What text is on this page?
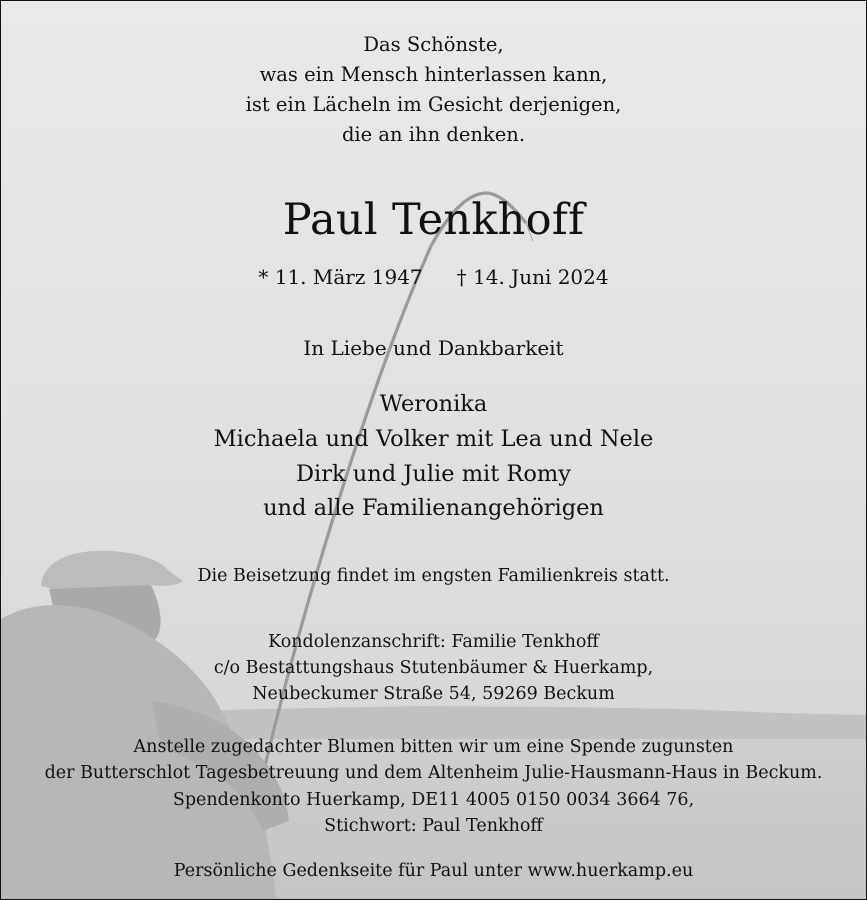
Das Schönste,
was ein Mensch hinterlassen kann,
ist ein Lächeln im Gesicht derjenigen,
die an ihn denken.
Paul Tenkhoff
* 11. März 1947 † 14. Juni 2024
In Liebe und Dankbarkeit
Weronika
Michaela und Volker mit Lea und Nele
Dirk und Julie mit Romy
und alle Familienangehörigen
Die Beisetzung findet im engsten Familienkreis statt.
Kondolenzanschrift: Familie Tenkhoff
c/o Bestattungshaus Stutenbäumer & Huerkamp,
Neubeckumer Straße 54, 59269 Beckum
Anstelle zugedachter Blumen bitten wir um eine Spende zugunsten
der Butterschlot Tagesbetreuung und dem Altenheim Julie-Hausmann-Haus in Beckum.
Spendenkonto Huerkamp, DE11 4005 0150 0034 3664 76,
Stichwort: Paul Tenkhoff
Persönliche Gedenkseite für Paul unter www.huerkamp.eu
